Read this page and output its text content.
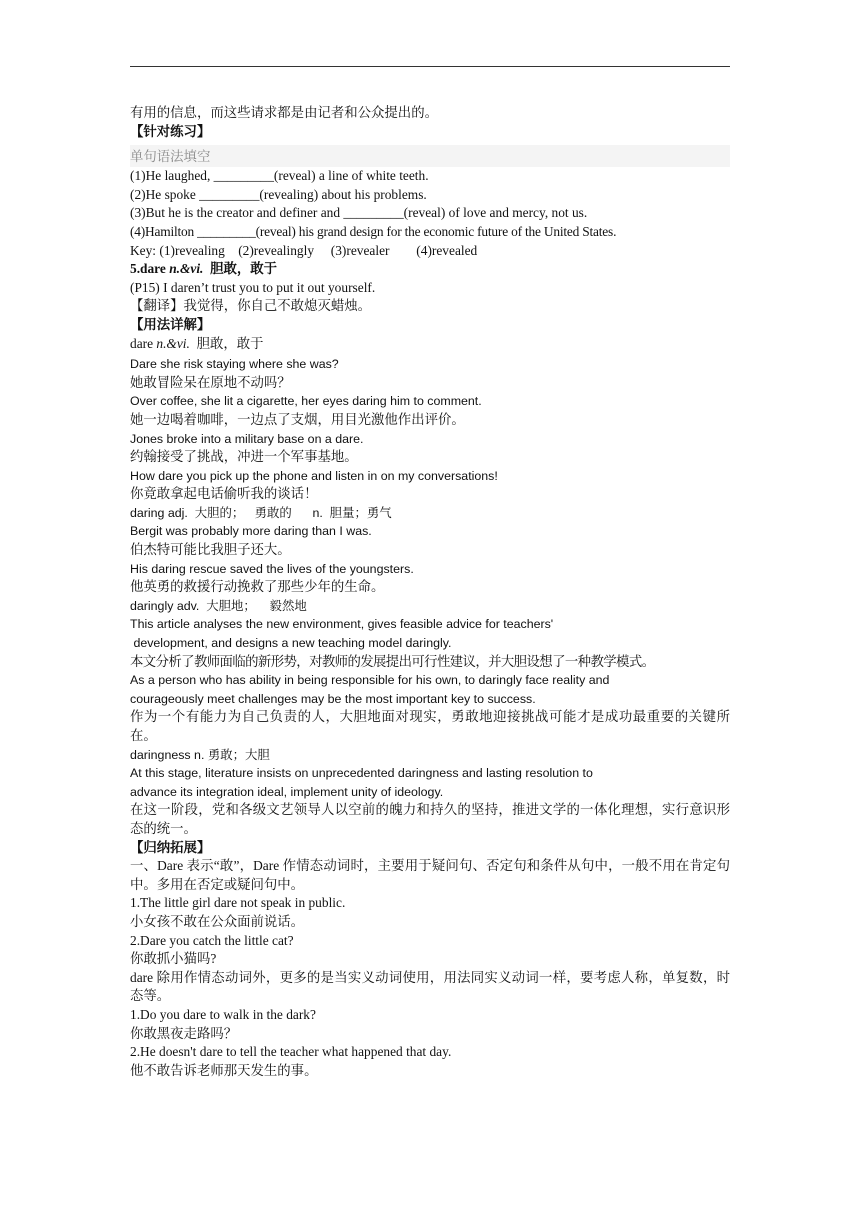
有用的信息，而这些请求都是由记者和公众提出的。
【针对练习】
单句语法填空
(1)He laughed, _________(reveal) a line of white teeth.
(2)He spoke _________(revealing) about his problems.
(3)But he is the creator and definer and _________(reveal) of love and mercy, not us.
(4)Hamilton _________(reveal) his grand design for the economic future of the United States.
Key: (1)revealing    (2)revealingly     (3)revealer        (4)revealed
5.dare n.&vi.  胆敢，敢于
(P15) I daren’t trust you to put it out yourself.
【翻译】我觉得，你自己不敢熄灭蜡烛。
【用法详解】
dare n.&vi.  胆敢，敢于
Dare she risk staying where she was?
她敢冒险呆在原地不动吗？
Over coffee, she lit a cigarette, her eyes daring him to comment.
她一边喝着咖啡，一边点了支烟，用目光激他作出评价。
Jones broke into a military base on a dare.
约翰接受了挑战，冲进一个军事基地。
How dare you pick up the phone and listen in on my conversations!
你竟敢拿起电话偷听我的谈话！
daring adj.  大胆的；   勇敢的      n.  胆量；勇气
Bergit was probably more daring than I was.
伯杰特可能比我胆子还大。
His daring rescue saved the lives of the youngsters.
他英勇的救援行动挽救了那些少年的生命。
daringly adv.  大胆地；    毅然地
This article analyses the new environment, gives feasible advice for teachers'
development, and designs a new teaching model daringly.
本文分析了教师面临的新形势，对教师的发展提出可行性建议，并大胆设想了一种教学模式。
As a person who has ability in being responsible for his own, to daringly face reality and
courageously meet challenges may be the most important key to success.
作为一个有能力为自己负责的人，大胆地面对现实，勇敢地迎接挑战可能才是成功最重要的关键所在。
daringness n. 勇敢；大胆
At this stage, literature insists on unprecedented daringness and lasting resolution to
advance its integration ideal, implement unity of ideology.
在这一阶段，党和各级文艺领导人以空前的魄力和持久的坚持，推进文学的一体化理想，实行意识形态的统一。
【归纳拓展】
一、Dare 表示“敢”，Dare 作情态动词时，主要用于疑问句、否定句和条件从句中，一般不用在肯定句中。多用在否定或疑问句中。
1.The little girl dare not speak in public.
小女孩不敢在公众面前说话。
2.Dare you catch the little cat?
你敢抓小猫吗?
dare 除用作情态动词外，更多的是当实义动词使用，用法同实义动词一样，要考虑人称，单复数，时态等。
1.Do you dare to walk in the dark?
你敢黑夜走路吗？
2.He doesn't dare to tell the teacher what happened that day.
他不敢告诉老师那天发生的事。
